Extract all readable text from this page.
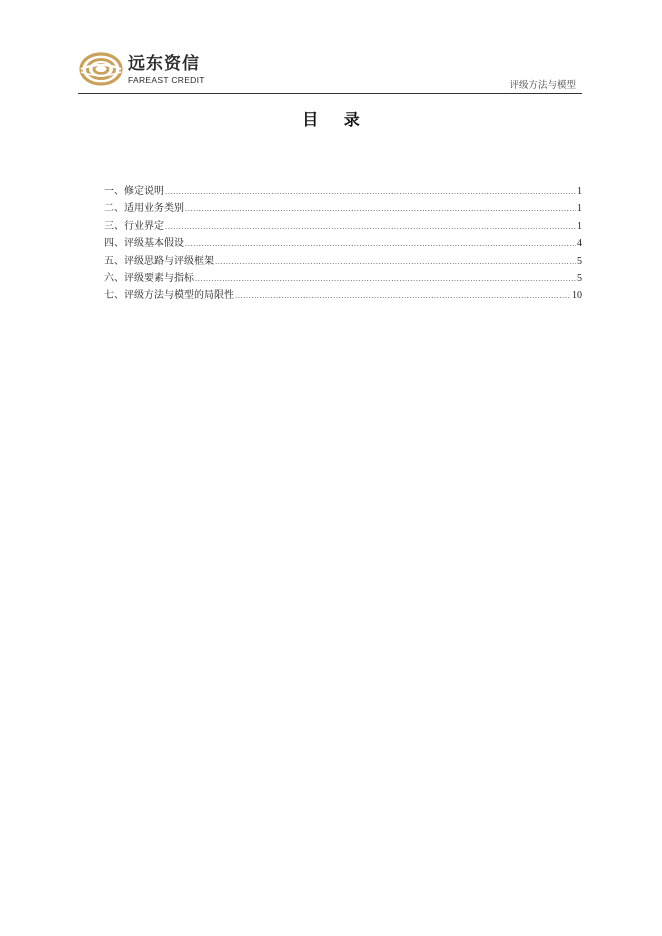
远东资信
FAREAST CREDIT
评级方法与模型
目 录
一、修定说明 .....	1
二、适用业务类别 .....	1
三、行业界定 .....	1
四、评级基本假设 .....	4
五、评级思路与评级框架 .....	5
六、评级要素与指标 .....	5
七、评级方法与模型的局限性 .....	10
